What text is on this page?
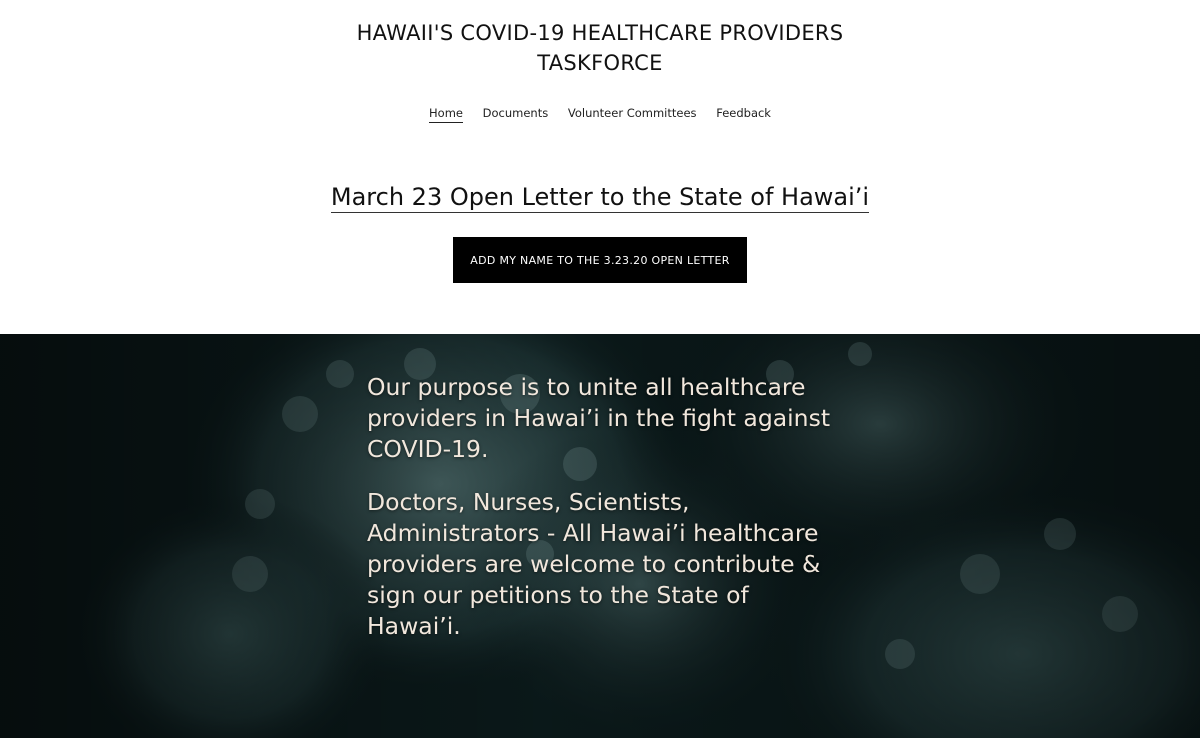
HAWAII'S COVID-19 HEALTHCARE PROVIDERS
TASKFORCE
Home Documents Volunteer Committees Feedback
March 23 Open Letter to the State of Hawai’i
ADD MY NAME TO THE 3.23.20 OPEN LETTER

Our purpose is to unite all healthcare providers in Hawai’i in the fight against COVID-19.

Doctors, Nurses, Scientists, Administrators - All Hawai’i healthcare providers are welcome to contribute & sign our petitions to the State of Hawai’i.
